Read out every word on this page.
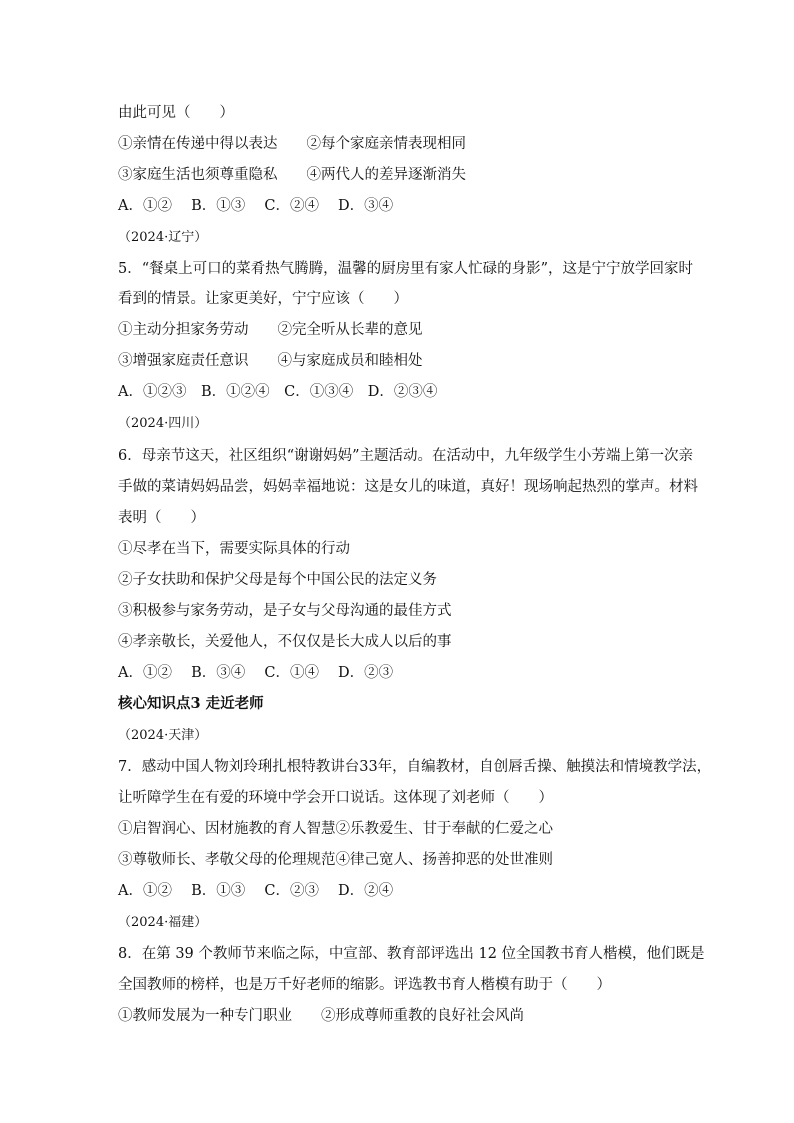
由此可见（　　）
①亲情在传递中得以表达　　②每个家庭亲情表现相同
③家庭生活也须尊重隐私　　④两代人的差异逐渐消失
A．①②　 B．①③　 C．②④　 D．③④
（2024·辽宁）
5．“餐桌上可口的菜肴热气腾腾，温馨的厨房里有家人忙碌的身影”，这是宁宁放学回家时
看到的情景。让家更美好，宁宁应该（　　）
①主动分担家务劳动　　②完全听从长辈的意见
③增强家庭责任意识　　④与家庭成员和睦相处
A．①②③　B．①②④　C．①③④　D．②③④
（2024·四川）
6．母亲节这天，社区组织“谢谢妈妈”主题活动。在活动中，九年级学生小芳端上第一次亲
手做的菜请妈妈品尝，妈妈幸福地说：这是女儿的味道，真好！现场响起热烈的掌声。材料
表明（　　）
①尽孝在当下，需要实际具体的行动
②子女扶助和保护父母是每个中国公民的法定义务
③积极参与家务劳动，是子女与父母沟通的最佳方式
④孝亲敬长，关爱他人，不仅仅是长大成人以后的事
A．①②　 B．③④　 C．①④　 D．②③
核心知识点3 走近老师
（2024·天津）
7．感动中国人物刘玲琍扎根特教讲台33年，自编教材，自创唇舌操、触摸法和情境教学法，
让听障学生在有爱的环境中学会开口说话。这体现了刘老师（　　）
①启智润心、因材施教的育人智慧②乐教爱生、甘于奉献的仁爱之心
③尊敬师长、孝敬父母的伦理规范④律己宽人、扬善抑恶的处世准则
A．①②　 B．①③　 C．②③　 D．②④
（2024·福建）
8．在第 39 个教师节来临之际，中宣部、教育部评选出 12 位全国教书育人楷模，他们既是
全国教师的榜样，也是万千好老师的缩影。评选教书育人楷模有助于（　　）
①教师发展为一种专门职业　　②形成尊师重教的良好社会风尚
